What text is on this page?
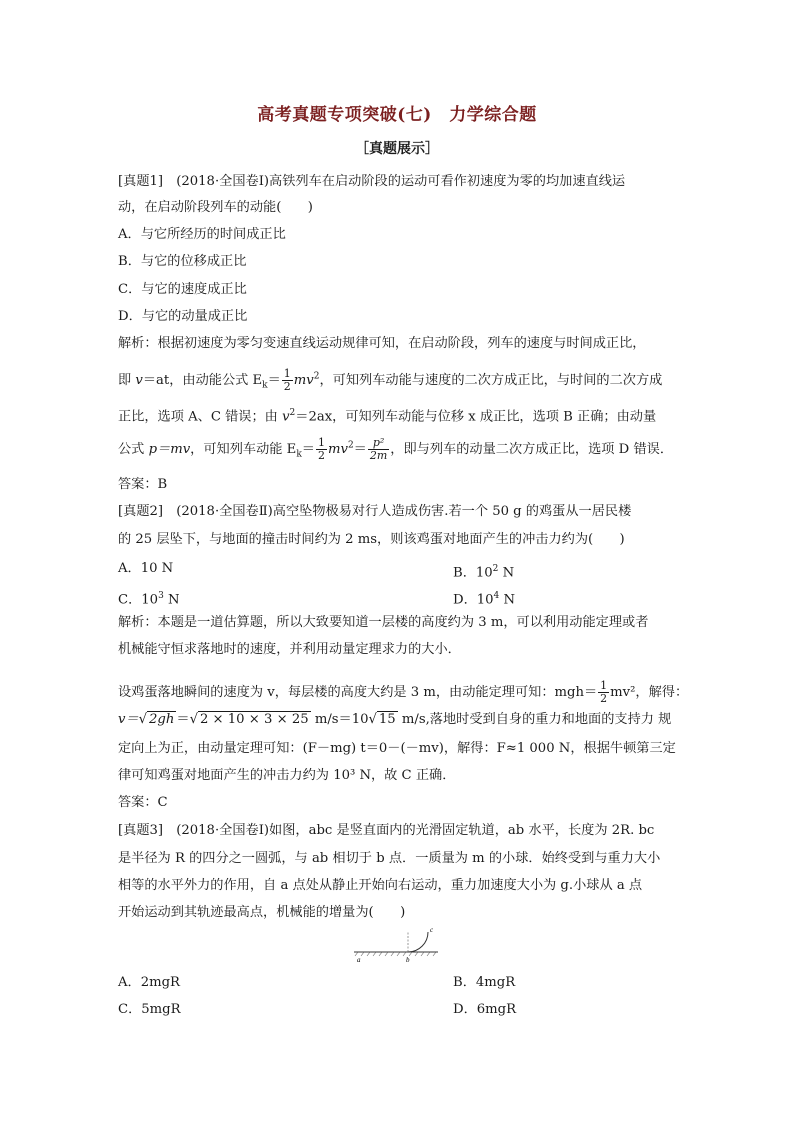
高考真题专项突破(七)　力学综合题
［真题展示］
[真题1]　(2018·全国卷Ⅰ)高铁列车在启动阶段的运动可看作初速度为零的均加速直线运
动，在启动阶段列车的动能(　　)
A．与它所经历的时间成正比
B．与它的位移成正比
C．与它的速度成正比
D．与它的动量成正比
解析：根据初速度为零匀变速直线运动规律可知，在启动阶段，列车的速度与时间成正比，
即 v＝at，由动能公式 $E_k= \frac{1}{2} mv^2$，可知列车动能与速度的二次方成正比，与时间的二次方成
正比，选项 A、C 错误；由 $v^2=2ax$，可知列车动能与位移 x 成正比，选项 B 正确；由动量
公式 p＝mv，可知列车动能 $E_k= \frac{1}{2} mv^2= \frac{\text{p²}}{2m}$ ，即与列车的动量二次方成正比，选项 D 错误．
答案：B
[真题2]　(2018·全国卷Ⅱ)高空坠物极易对行人造成伤害.若一个 50 g 的鸡蛋从一居民楼
的 25 层坠下，与地面的撞击时间约为 2 ms，则该鸡蛋对地面产生的冲击力约为(　　)
A．10 N	B．$10^2$ N
C．$10^3$ N	D．$10^4$ N
解析：本题是一道估算题，所以大致要知道一层楼的高度约为 3 m，可以利用动能定理或者
机械能守恒求落地时的速度，并利用动量定理求力的大小．
设鸡蛋落地瞬间的速度为 v，每层楼的高度大约是 3 m，由动能定理可知：$mgh= \frac{1}{2} mv^2$，解得：
v＝√ 2gh ＝√ 2 × 10 × 3 × 25 m/s＝10√ 15 m/s,落地时受到自身的重力和地面的支持力 规
定向上为正，由动量定理可知：(F－mg) t＝0－(－mv)，解得：F≈1 000 N，根据牛顿第三定
律可知鸡蛋对地面产生的冲击力约为 10³ N，故 C 正确．
答案：C
[真题3]　(2018·全国卷Ⅰ)如图，abc 是竖直面内的光滑固定轨道，ab 水平，长度为 2R. bc
是半径为 R 的四分之一圆弧，与 ab 相切于 b 点．一质量为 m 的小球．始终受到与重力大小
相等的水平外力的作用，自 a 点处从静止开始向右运动，重力加速度大小为 g.小球从 a 点
开始运动到其轨迹最高点，机械能的增量为(　　)
a	b
c
A．2mgR	B．4mgR
C．5mgR	D．6mgR
